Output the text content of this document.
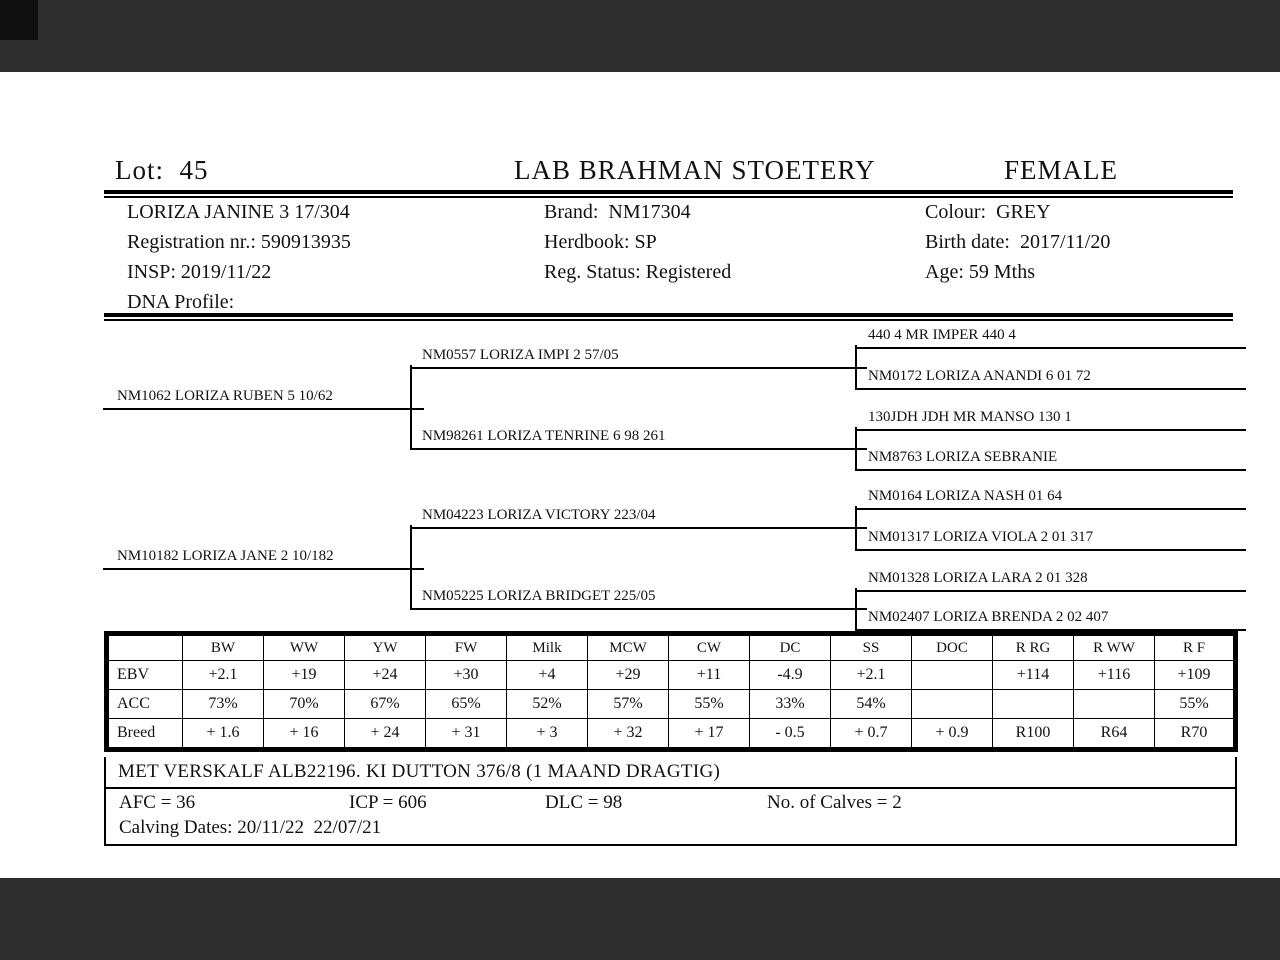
Lot:  45	LAB BRAHMAN STOETERY	FEMALE
LORIZA JANINE 3 17/304
Registration nr.: 590913935
INSP: 2019/11/22
DNA Profile:
Brand:  NM17304
Herdbook: SP
Reg. Status: Registered
Colour:  GREY
Birth date:  2017/11/20
Age: 59 Mths
NM1062 LORIZA RUBEN 5 10/62
NM10182 LORIZA JANE 2 10/182
NM0557 LORIZA IMPI 2 57/05
NM98261 LORIZA TENRINE 6 98 261
NM04223 LORIZA VICTORY 223/04
NM05225 LORIZA BRIDGET 225/05
440 4 MR IMPER 440 4
NM0172 LORIZA ANANDI 6 01 72
130JDH JDH MR MANSO 130 1
NM8763 LORIZA SEBRANIE
NM0164 LORIZA NASH 01 64
NM01317 LORIZA VIOLA 2 01 317
NM01328 LORIZA LARA 2 01 328
NM02407 LORIZA BRENDA 2 02 407
	BW	WW	YW	FW	Milk	MCW	CW	DC	SS	DOC	R RG	R WW	R F
EBV	+2.1	+19	+24	+30	+4	+29	+11	-4.9	+2.1		+114	+116	+109
ACC	73%	70%	67%	65%	52%	57%	55%	33%	54%				55%
Breed	+ 1.6	+ 16	+ 24	+ 31	+ 3	+ 32	+ 17	- 0.5	+ 0.7	+ 0.9	R100	R64	R70
MET VERSKALF ALB22196. KI DUTTON 376/8 (1 MAAND DRAGTIG)
AFC = 36	ICP = 606	DLC = 98	No. of Calves = 2
Calving Dates: 20/11/22  22/07/21
